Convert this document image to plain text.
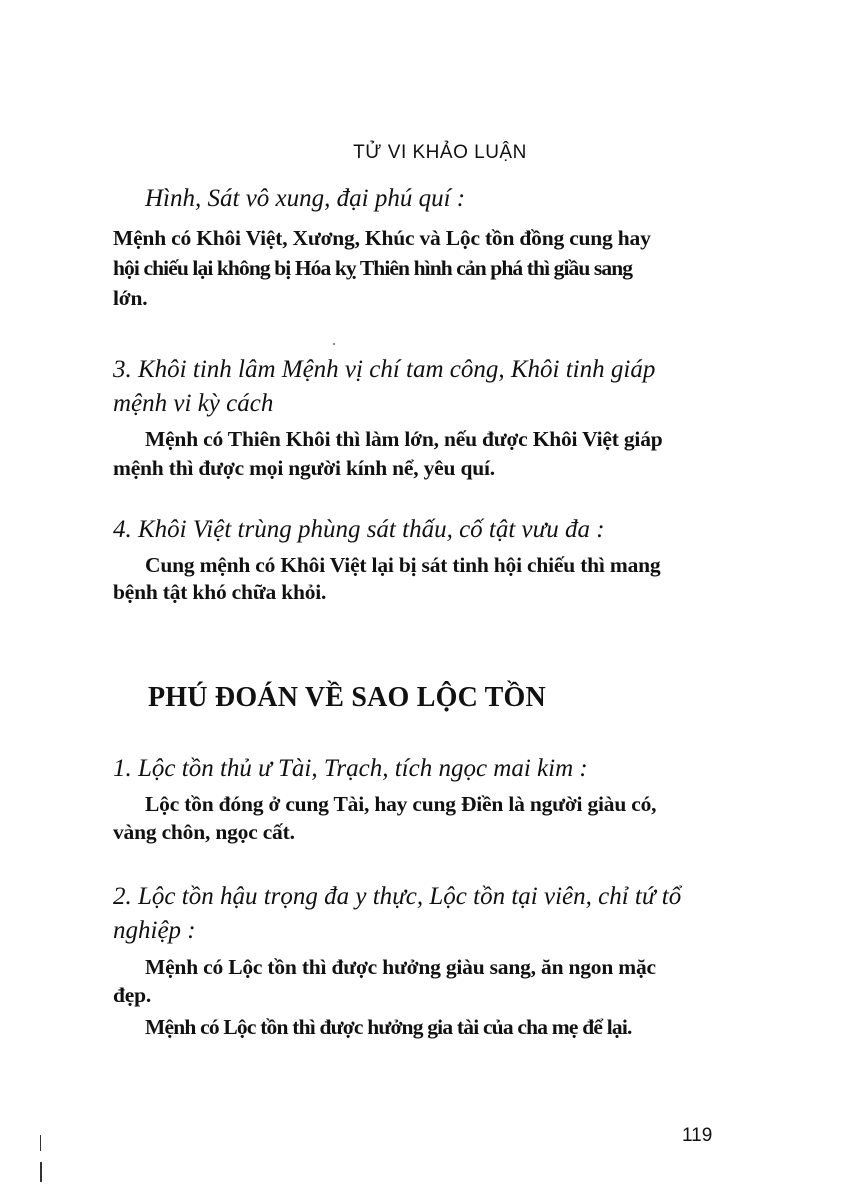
TỬ VI KHẢO LUẬN
Hình, Sát vô xung, đại phú quí :
Mệnh có Khôi Việt, Xương, Khúc và Lộc tồn đồng cung hay
hội chiếu lại không bị Hóa kỵ Thiên hình cản phá thì giầu sang
lớn.
3. Khôi tinh lâm Mệnh vị chí tam công, Khôi tinh giáp
mệnh vi kỳ cách
Mệnh có Thiên Khôi thì làm lớn, nếu được Khôi Việt giáp
mệnh thì được mọi người kính nể, yêu quí.
4. Khôi Việt trùng phùng sát thấu, cố tật vưu đa :
Cung mệnh có Khôi Việt lại bị sát tinh hội chiếu thì mang
bệnh tật khó chữa khỏi.
PHÚ ĐOÁN VỀ SAO LỘC TỒN
1. Lộc tồn thủ ư Tài, Trạch, tích ngọc mai kim :
Lộc tồn đóng ở cung Tài, hay cung Điền là người giàu có,
vàng chôn, ngọc cất.
2. Lộc tồn hậu trọng đa y thực, Lộc tồn tại viên, chỉ tứ tổ
nghiệp :
Mệnh có Lộc tồn thì được hưởng giàu sang, ăn ngon mặc
đẹp.
Mệnh có Lộc tồn thì được hưởng gia tài của cha mẹ để lại.
119
